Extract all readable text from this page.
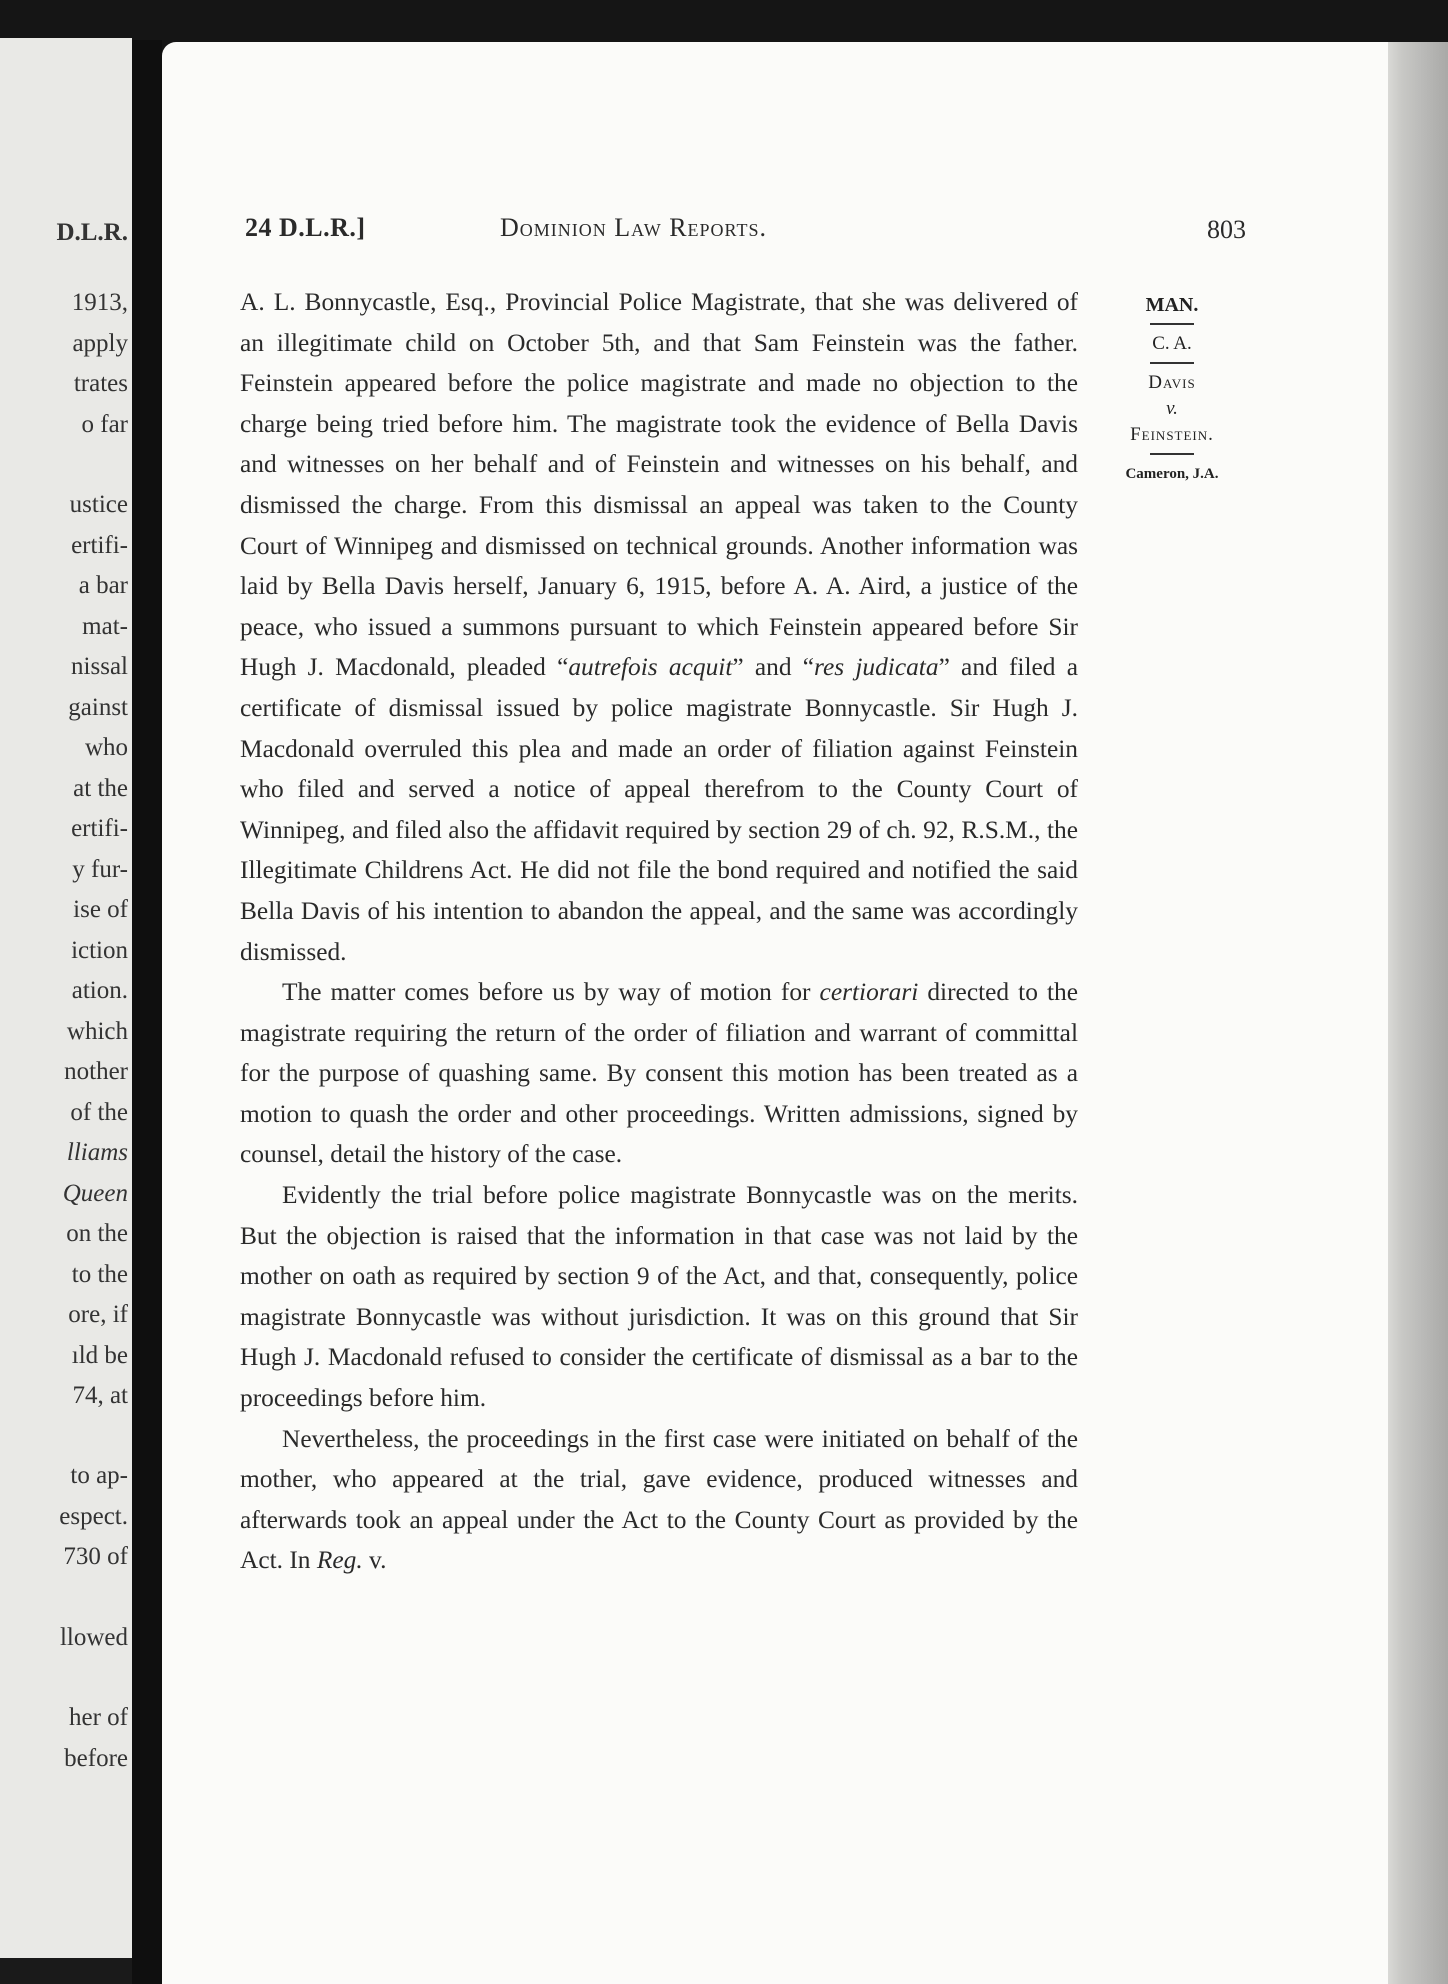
D.L.R.
1913,
apply
trates
o far
ustice
ertifi-
a bar
mat-
nissal
gainst
who
at the
ertifi-
y fur-
ise of
iction
ation.
which
nother
of the
lliams
Queen
on the
to the
ore, if
ıld be
74, at
to ap-
espect.
730 of
llowed
her of
before
24 D.L.R.]	Dominion Law Reports.	803
MAN.
C. A.
Davis
v.
Feinstein.
Cameron, J.A.

A. L. Bonnycastle, Esq., Provincial Police Magistrate, that she was delivered of an illegitimate child on October 5th, and that Sam Feinstein was the father. Feinstein appeared before the police magistrate and made no objection to the charge being tried before him. The magistrate took the evidence of Bella Davis and witnesses on her behalf and of Feinstein and witnesses on his behalf, and dismissed the charge. From this dismissal an appeal was taken to the County Court of Winnipeg and dismissed on technical grounds. Another information was laid by Bella Davis herself, January 6, 1915, before A. A. Aird, a justice of the peace, who issued a summons pursuant to which Feinstein appeared before Sir Hugh J. Macdonald, pleaded “autrefois acquit” and “res judicata” and filed a certificate of dismissal issued by police magistrate Bonnycastle. Sir Hugh J. Macdonald overruled this plea and made an order of filiation against Feinstein who filed and served a notice of appeal therefrom to the County Court of Winnipeg, and filed also the affidavit required by section 29 of ch. 92, R.S.M., the Illegitimate Childrens Act. He did not file the bond required and notified the said Bella Davis of his intention to abandon the appeal, and the same was accordingly dismissed.

The matter comes before us by way of motion for certiorari directed to the magistrate requiring the return of the order of filiation and warrant of committal for the purpose of quashing same. By consent this motion has been treated as a motion to quash the order and other proceedings. Written admissions, signed by counsel, detail the history of the case.

Evidently the trial before police magistrate Bonnycastle was on the merits. But the objection is raised that the information in that case was not laid by the mother on oath as required by section 9 of the Act, and that, consequently, police magistrate Bonnycastle was without jurisdiction. It was on this ground that Sir Hugh J. Macdonald refused to consider the certificate of dismissal as a bar to the proceedings before him.

Nevertheless, the proceedings in the first case were initiated on behalf of the mother, who appeared at the trial, gave evidence, produced witnesses and afterwards took an appeal under the Act to the County Court as provided by the Act. In Reg. v.
